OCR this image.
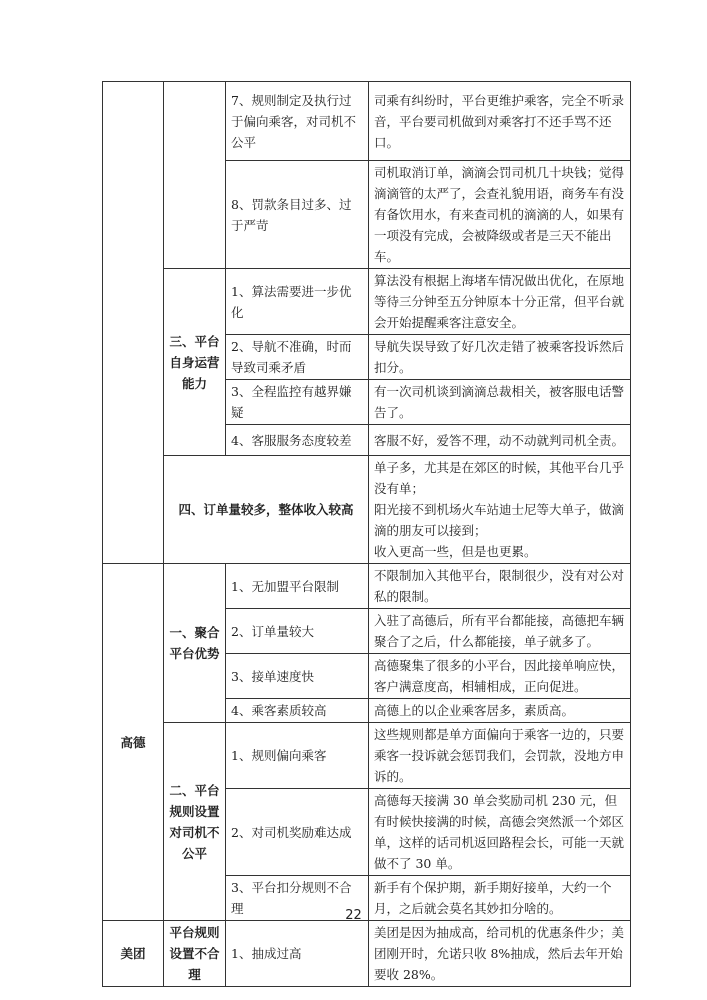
		7、规则制定及执行过于偏向乘客，对司机不公平	司乘有纠纷时，平台更维护乘客，完全不听录音，平台要司机做到对乘客打不还手骂不还口。
		8、罚款条目过多、过于严苛	司机取消订单，滴滴会罚司机几十块钱；觉得滴滴管的太严了，会查礼貌用语，商务车有没有备饮用水，有来查司机的滴滴的人，如果有一项没有完成，会被降级或者是三天不能出车。
	三、平台自身运营能力	1、算法需要进一步优化	算法没有根据上海堵车情况做出优化，在原地等待三分钟至五分钟原本十分正常，但平台就会开始提醒乘客注意安全。
		2、导航不准确，时而导致司乘矛盾	导航失误导致了好几次走错了被乘客投诉然后扣分。
		3、全程监控有越界嫌疑	有一次司机谈到滴滴总裁相关，被客服电话警告了。
		4、客服服务态度较差	客服不好，爱答不理，动不动就判司机全责。
	四、订单量较多，整体收入较高		单子多，尤其是在郊区的时候，其他平台几乎没有单；
阳光接不到机场火车站迪士尼等大单子，做滴滴的朋友可以接到；
收入更高一些，但是也更累。

高德	一、聚合平台优势	1、无加盟平台限制	不限制加入其他平台，限制很少，没有对公对私的限制。
		2、订单量较大	入驻了高德后，所有平台都能接，高德把车辆聚合了之后，什么都能接，单子就多了。
		3、接单速度快	高德聚集了很多的小平台，因此接单响应快，客户满意度高，相辅相成，正向促进。
		4、乘客素质较高	高德上的以企业乘客居多，素质高。
	二、平台规则设置对司机不公平	1、规则偏向乘客	这些规则都是单方面偏向于乘客一边的，只要乘客一投诉就会惩罚我们，会罚款，没地方申诉的。
		2、对司机奖励难达成	高德每天接满 30 单会奖励司机 230 元，但有时候快接满的时候，高德会突然派一个郊区单，这样的话司机返回路程会长，可能一天就做不了 30 单。
		3、平台扣分规则不合理	新手有个保护期，新手期好接单，大约一个月，之后就会莫名其妙扣分啥的。
美团	平台规则设置不合理	1、抽成过高	美团是因为抽成高，给司机的优惠条件少；美团刚开时，允诺只收 8%抽成，然后去年开始要收 28%。
22
